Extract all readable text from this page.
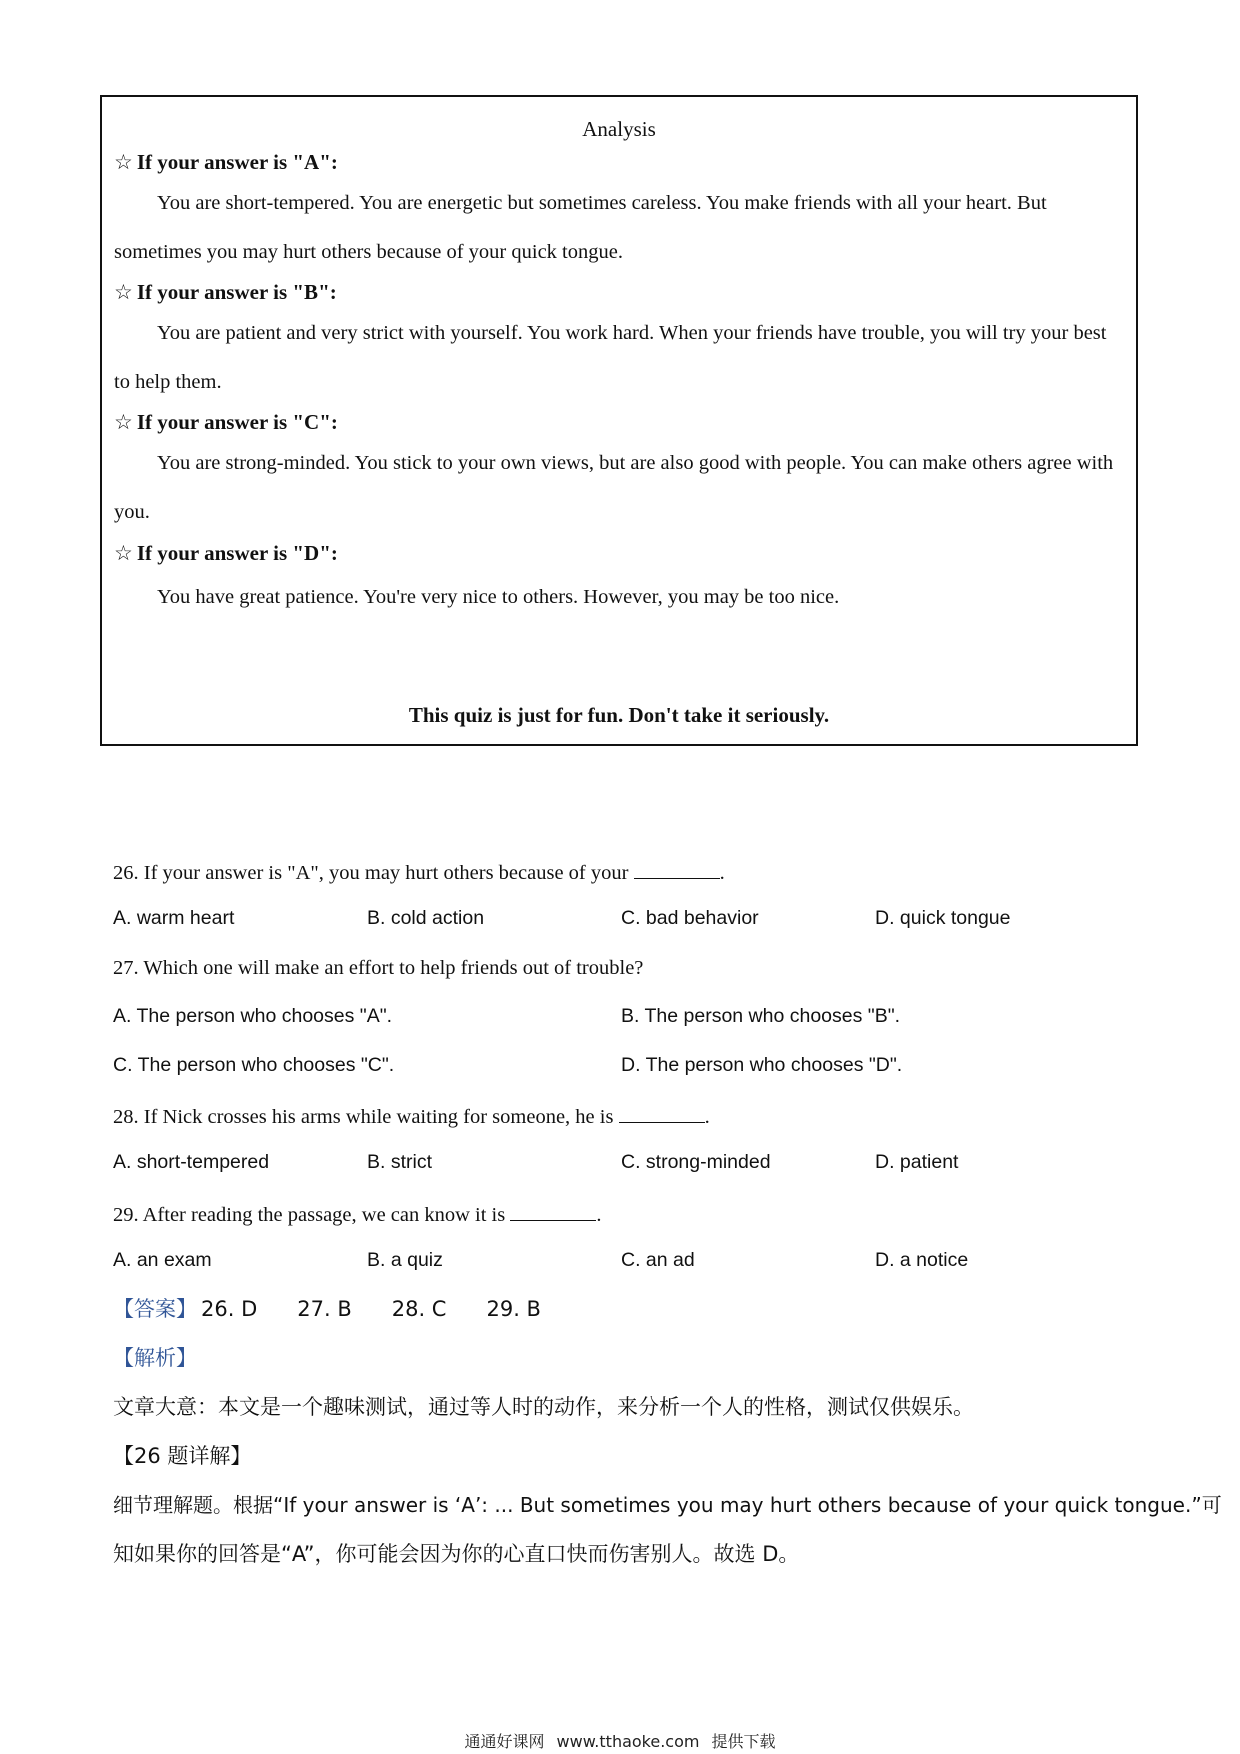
Analysis
☆ If your answer is "A":
You are short-tempered. You are energetic but sometimes careless. You make friends with all your heart. But sometimes you may hurt others because of your quick tongue.
☆ If your answer is "B":
You are patient and very strict with yourself. You work hard. When your friends have trouble, you will try your best to help them.
☆ If your answer is "C":
You are strong-minded. You stick to your own views, but are also good with people. You can make others agree with you.
☆ If your answer is "D":
You have great patience. You're very nice to others. However, you may be too nice.
This quiz is just for fun. Don't take it seriously.
26. If your answer is "A", you may hurt others because of your	.
A. warm heart	B. cold action	C. bad behavior	D. quick tongue
27. Which one will make an effort to help friends out of trouble?
A. The person who chooses "A".	B. The person who chooses "B".
C. The person who chooses "C".	D. The person who chooses "D".
28. If Nick crosses his arms while waiting for someone, he is	.
A. short-tempered	B. strict	C. strong-minded	D. patient
29. After reading the passage, we can know it is	.
A. an exam	B. a quiz	C. an ad	D. a notice
【答案】 26. D 27. B 28. C 29. B
【解析】
文章大意：本文是一个趣味测试，通过等人时的动作，来分析一个人的性格，测试仅供娱乐。
【26 题详解】
细节理解题。根据“If your answer is ‘A’: ... But sometimes you may hurt others because of your quick tongue.”可
知如果你的回答是“A”，你可能会因为你的心直口快而伤害别人。故选 D。
通通好课网 www.tthaoke.com 提供下载
